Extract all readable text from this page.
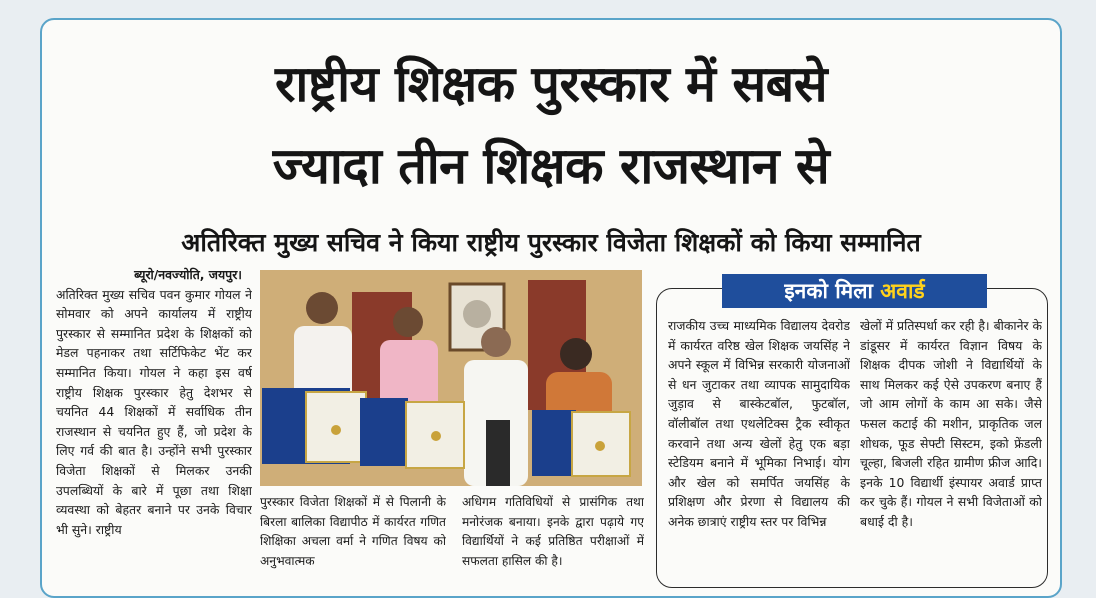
राष्ट्रीय शिक्षक पुरस्कार में सबसे
ज्यादा तीन शिक्षक राजस्थान से
अतिरिक्त मुख्य सचिव ने किया राष्ट्रीय पुरस्कार विजेता शिक्षकों को किया सम्मानित

ब्यूरो/नवज्योति, जयपुर।

अतिरिक्त मुख्य सचिव पवन कुमार गोयल ने सोमवार को अपने कार्यालय में राष्ट्रीय पुरस्कार से सम्मानित प्रदेश के शिक्षकों को मेडल पहनाकर तथा सर्टिफिकेट भेंट कर सम्मानित किया। गोयल ने कहा इस वर्ष राष्ट्रीय शिक्षक पुरस्कार हेतु देशभर से चयनित 44 शिक्षकों में सर्वाधिक तीन राजस्थान से चयनित हुए हैं, जो प्रदेश के लिए गर्व की बात है। उन्होंने सभी पुरस्कार विजेता शिक्षकों से मिलकर उनकी उपलब्धियों के बारे में पूछा तथा शिक्षा व्यवस्था को बेहतर बनाने पर उनके विचार भी सुने। राष्ट्रीय

पुरस्कार विजेता शिक्षकों में से पिलानी के बिरला बालिका विद्यापीठ में कार्यरत गणित शिक्षिका अचला वर्मा ने गणित विषय को अनुभवात्मक
अधिगम गतिविधियों से प्रासंगिक तथा मनोरंजक बनाया। इनके द्वारा पढ़ाये गए विद्यार्थियों ने कई प्रतिष्ठित परीक्षाओं में सफलता हासिल की है।
इनको मिला अवार्ड
राजकीय उच्च माध्यमिक विद्यालय देवरोड में कार्यरत वरिष्ठ खेल शिक्षक जयसिंह ने अपने स्कूल में विभिन्न सरकारी योजनाओं से धन जुटाकर तथा व्यापक सामुदायिक जुड़ाव से बास्केटबॉल, फुटबॉल, वॉलीबॉल तथा एथलेटिक्स ट्रैक स्वीकृत करवाने तथा अन्य खेलों हेतु एक बड़ा स्टेडियम बनाने में भूमिका निभाई। योग और खेल को समर्पित जयसिंह के प्रशिक्षण और प्रेरणा से विद्यालय की अनेक छात्राएं राष्ट्रीय स्तर पर विभिन्न
खेलों में प्रतिस्पर्धा कर रही है। बीकानेर के डांडूसर में कार्यरत विज्ञान विषय के शिक्षक दीपक जोशी ने विद्यार्थियों के साथ मिलकर कई ऐसे उपकरण बनाए हैं जो आम लोगों के काम आ सके। जैसे फसल कटाई की मशीन, प्राकृतिक जल शोधक, फूड सेफ्टी सिस्टम, इको फ्रेंडली चूल्हा, बिजली रहित ग्रामीण फ्रीज आदि। इनके 10 विद्यार्थी इंस्पायर अवार्ड प्राप्त कर चुके हैं। गोयल ने सभी विजेताओं को बधाई दी है।
